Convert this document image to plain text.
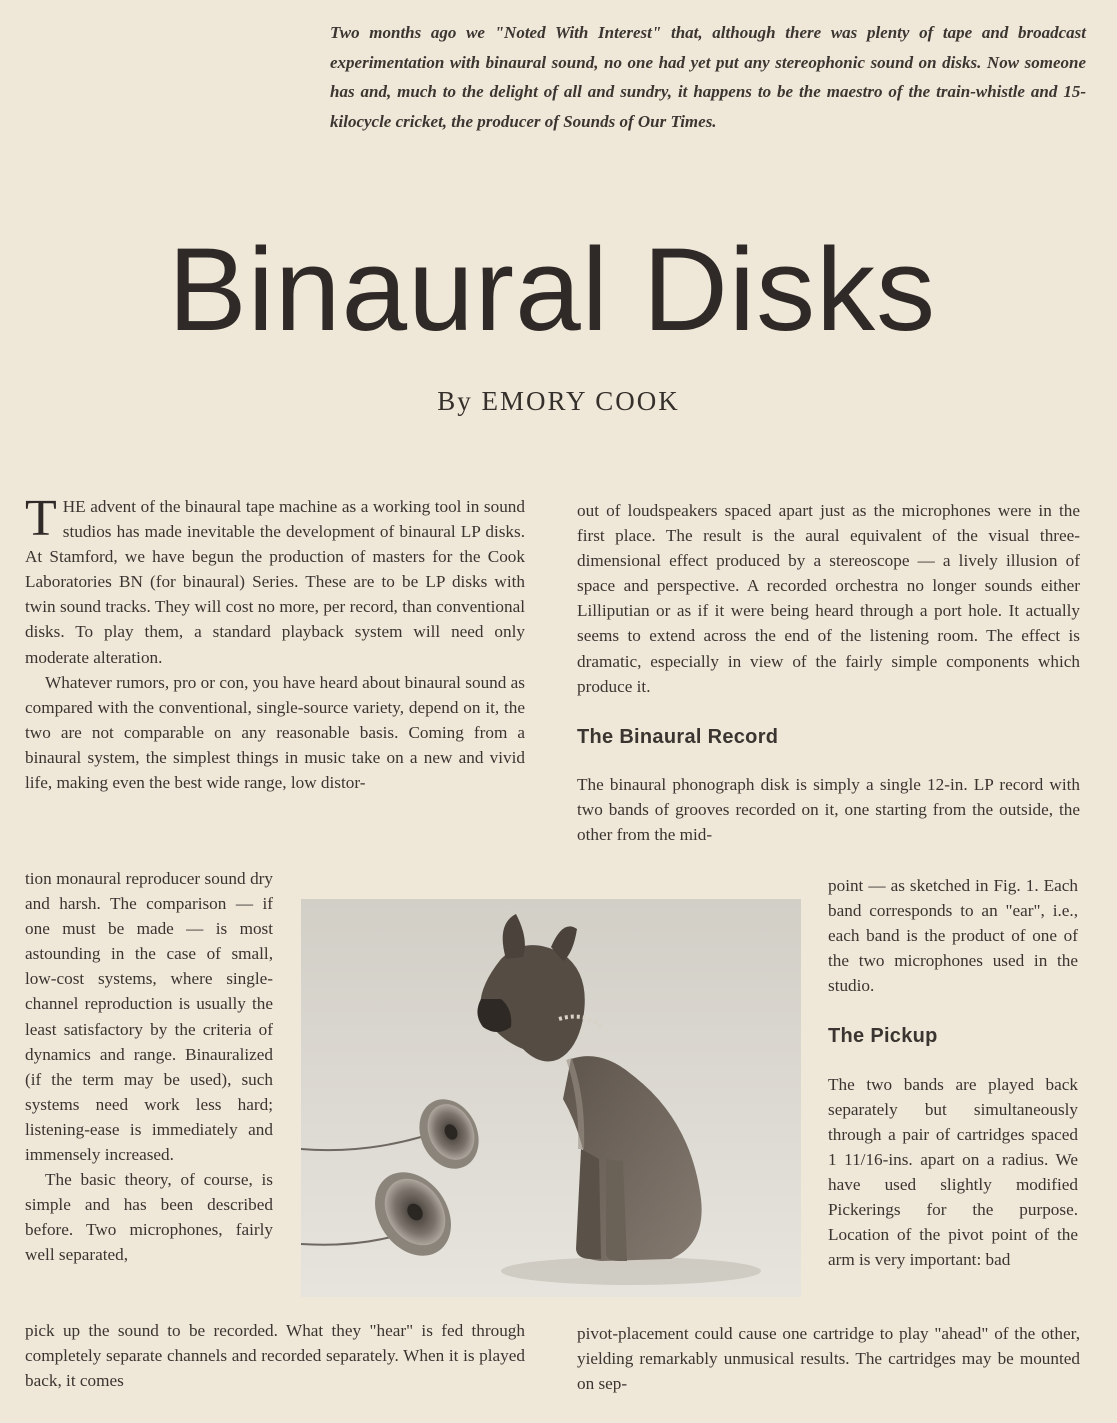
Two months ago we "Noted With Interest" that, although there was plenty of tape and broadcast experimentation with binaural sound, no one had yet put any stereophonic sound on disks. Now someone has and, much to the delight of all and sundry, it happens to be the maestro of the train-whistle and 15-kilocycle cricket, the producer of Sounds of Our Times.

Binaural Disks
By EMORY COOK

THE advent of the binaural tape machine as a working tool in sound studios has made inevitable the development of binaural LP disks. At Stamford, we have begun the production of masters for the Cook Laboratories BN (for binaural) Series. These are to be LP disks with twin sound tracks. They will cost no more, per record, than conventional disks. To play them, a standard playback system will need only moderate alteration.

Whatever rumors, pro or con, you have heard about binaural sound as compared with the conventional, single-source variety, depend on it, the two are not comparable on any reasonable basis. Coming from a binaural system, the simplest things in music take on a new and vivid life, making even the best wide range, low distor-

tion monaural reproducer sound dry and harsh. The comparison — if one must be made — is most astounding in the case of small, low-cost systems, where single-channel reproduction is usually the least satisfactory by the criteria of dynamics and range. Binauralized (if the term may be used), such systems need work less hard; listening-ease is immediately and immensely increased.

The basic theory, of course, is simple and has been described before. Two microphones, fairly well separated,

pick up the sound to be recorded. What they "hear" is fed through completely separate channels and recorded separately. When it is played back, it comes

out of loudspeakers spaced apart just as the microphones were in the first place. The result is the aural equivalent of the visual three-dimensional effect produced by a stereoscope — a lively illusion of space and perspective. A recorded orchestra no longer sounds either Lilliputian or as if it were being heard through a port hole. It actually seems to extend across the end of the listening room. The effect is dramatic, especially in view of the fairly simple components which produce it.

The Binaural Record

The binaural phonograph disk is simply a single 12-in. LP record with two bands of grooves recorded on it, one starting from the outside, the other from the mid-

point — as sketched in Fig. 1. Each band corresponds to an "ear", i.e., each band is the product of one of the two microphones used in the studio.

The Pickup

The two bands are played back separately but simultaneously through a pair of cartridges spaced 1 11/16-ins. apart on a radius. We have used slightly modified Pickerings for the purpose. Location of the pivot point of the arm is very important: bad

pivot-placement could cause one cartridge to play "ahead" of the other, yielding remarkably unmusical results. The cartridges may be mounted on sep-
